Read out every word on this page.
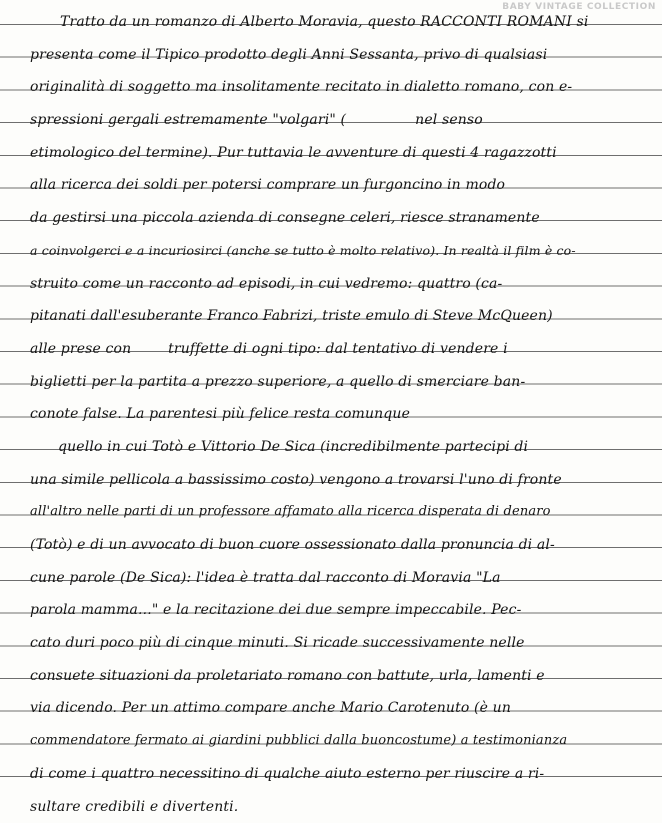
BABY VINTAGE COLLECTION
Tratto da un romanzo di Alberto Moravia, questo RACCONTI ROMANI si
presenta come il Tipico prodotto degli Anni Sessanta, privo di qualsiasi
originalità di soggetto ma insolitamente recitato in dialetto romano, con e-
spressioni gergali estremamente "volgari" (               nel senso
etimologico del termine). Pur tuttavia le avventure di questi 4 ragazzotti
alla ricerca dei soldi per potersi comprare un furgoncino in modo
da gestirsi una piccola azienda di consegne celeri, riesce stranamente
a coinvolgerci e a incuriosirci (anche se tutto è molto relativo). In realtà il film è co-
struito come un racconto ad episodi, in cui vedremo: quattro (ca-
pitanati dall'esuberante Franco Fabrizi, triste emulo di Steve McQueen)
alle prese con        truffette di ogni tipo: dal tentativo di vendere i
biglietti per la partita a prezzo superiore, a quello di smerciare ban-
conote false. La parentesi più felice resta comunque
quello in cui Totò e Vittorio De Sica (incredibilmente partecipi di
una simile pellicola a bassissimo costo) vengono a trovarsi l'uno di fronte
all'altro nelle parti di un professore affamato alla ricerca disperata di denaro
(Totò) e di un avvocato di buon cuore ossessionato dalla pronuncia di al-
cune parole (De Sica): l'idea è tratta dal racconto di Moravia "La
parola mamma..." e la recitazione dei due sempre impeccabile. Pec-
cato duri poco più di cinque minuti. Si ricade successivamente nelle
consuete situazioni da proletariato romano con battute, urla, lamenti e
via dicendo. Per un attimo compare anche Mario Carotenuto (è un
commendatore fermato ai giardini pubblici dalla buoncostume) a testimonianza
di come i quattro necessitino di qualche aiuto esterno per riuscire a ri-
sultare credibili e divertenti.
